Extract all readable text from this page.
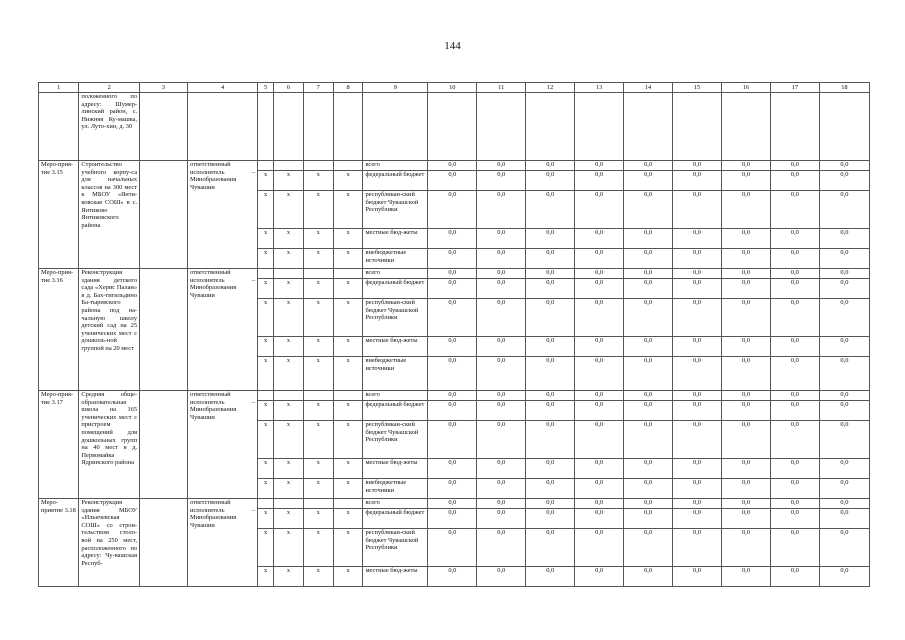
144
1	2	3	4	5	6	7	8	9	10	11	12	13	14	15	16	17	18
	положенного по адресу: Шумер-линский район, с. Нижняя Ку-машка, ул. Луто-хин, д. 30																
Меро-прия-тие 3.15	Строительство учебного корпу-са для начальных классов на 300 мест к МБОУ «Янти-ковская СОШ» в с. Янтиково Янтиковского района		ответственный исполнитель – Минобразования Чувашии					всего	0,0	0,0	0,0	0,0	0,0	0,0	0,0	0,0	0,0
				x	x	x	x	федеральный бюджет	0,0	0,0	0,0	0,0	0,0	0,0	0,0	0,0	0,0
				x	x	x	x	республикан-ский бюджет Чувашской Республики	0,0	0,0	0,0	0,0	0,0	0,0	0,0	0,0	0,0
				x	x	x	x	местные бюд-жеты	0,0	0,0	0,0	0,0	0,0	0,0	0,0	0,0	0,0
				x	x	x	x	внебюджетные источники	0,0	0,0	0,0	0,0	0,0	0,0	0,0	0,0	0,0
Меро-прия-тие 3.16	Реконструкция здания детского сада «Херис Палан» в д. Бах-тигильдино Ба-тыревского района под на-чальную школу детский сад на 25 ученических мест с дошколь-ной группой на 20 мест		ответственный исполнитель – Минобразования Чувашии					всего	0,0	0,0	0,0	0,0	0,0	0,0	0,0	0,0	0,0
				x	x	x	x	федеральный бюджет	0,0	0,0	0,0	0,0	0,0	0,0	0,0	0,0	0,0
				x	x	x	x	республикан-ский бюджет Чувашской Республики	0,0	0,0	0,0	0,0	0,0	0,0	0,0	0,0	0,0
				x	x	x	x	местные бюд-жеты	0,0	0,0	0,0	0,0	0,0	0,0	0,0	0,0	0,0
				x	x	x	x	внебюджетные источники	0,0	0,0	0,0	0,0	0,0	0,0	0,0	0,0	0,0
Меро-прия-тие 3.17	Средняя обще-образовательная школа на 165 ученических мест с пристроем помещений для дошкольных групп на 40 мест в д. Первомайка Ядринского района		ответственный исполнитель – Минобразования Чувашии					всего	0,0	0,0	0,0	0,0	0,0	0,0	0,0	0,0	0,0
				x	x	x	x	федеральный бюджет	0,0	0,0	0,0	0,0	0,0	0,0	0,0	0,0	0,0
				x	x	x	x	республикан-ский бюджет Чувашской Республики	0,0	0,0	0,0	0,0	0,0	0,0	0,0	0,0	0,0
				x	x	x	x	местные бюд-жеты	0,0	0,0	0,0	0,0	0,0	0,0	0,0	0,0	0,0
				x	x	x	x	внебюджетные источники	0,0	0,0	0,0	0,0	0,0	0,0	0,0	0,0	0,0
Меро-приятие 3.18	Реконструкция здания МБОУ «Ильичевская СОШ» со строи-тельством столо-вой на 250 мест, расположенного по адресу: Чу-вашская Респуб-		ответственный исполнитель – Минобразования Чувашии					всего	0,0	0,0	0,0	0,0	0,0	0,0	0,0	0,0	0,0
				x	x	x	x	федеральный бюджет	0,0	0,0	0,0	0,0	0,0	0,0	0,0	0,0	0,0
				x	x	x	x	республикан-ский бюджет Чувашской Республики	0,0	0,0	0,0	0,0	0,0	0,0	0,0	0,0	0,0
				x	x	x	x	местные бюд-жеты	0,0	0,0	0,0	0,0	0,0	0,0	0,0	0,0	0,0
